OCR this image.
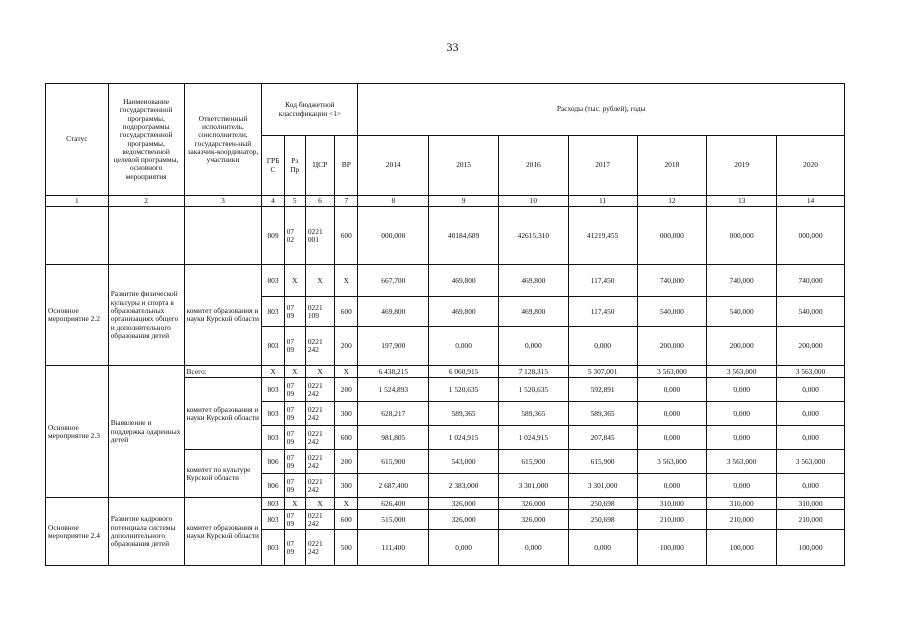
33
Статус	Наименование государственной программы, подпрограммы государственной программы, ведомственной целевой программы, основного мероприятия	Ответственный исполнитель, соисполнители, государствен-ный заказчик-координатор, участники	Код бюджетной классификации <1>				Расходы (тыс. рублей), годы						
			ГРБ С	Рз Пр	ЦСР	ВР	2014	2015	2016	2017	2018	2019	2020
1	2	3	4	5	6	7	8	9	10	11	12	13	14
			809	07 02	0221 001	600	000,000	40184,689	42615,310	41219,455	000,000	000,000	000,000
Основное мероприятие 2.2	Развитие физической культуры и спорта в образовательных организациях общего и дополнительного образования детей	комитет образования и науки Курской области	803	X	X	X	667,700	469,800	469,800	117,450	740,000	740,000	740,000
			803	07 09	0221 109	600	469,800	469,800	469,800	117,450	540,000	540,000	540,000
			803	07 09	0221 242	200	197,900	0,000	0,000	0,000	200,000	200,000	200,000
Основное мероприятие 2.3	Выявление и поддержка одаренных детей	Всего:	X	X	X	X	6 438,215	6 060,915	7 128,315	5 307,001	3 563,000	3 563,000	3 563,000
		комитет образования и науки Курской области	803	07 09	0221 242	200	1 524,893	1 520,635	1 520,635	592,891	0,000	0,000	0,000
			803	07 09	0221 242	300	628,217	589,365	589,365	589,365	0,000	0,000	0,000
			803	07 09	0221 242	600	981,805	1 024,915	1 024,915	207,845	0,000	0,000	0,000
		комитет по культуре Курской области	806	07 09	0221 242	200	615,900	543,000	615,900	615,900	3 563,000	3 563,000	3 563,000
			806	07 09	0221 242	300	2 687,400	2 383,000	3 301,000	3 301,000	0,000	0,000	0,000
Основное мероприятие 2.4	Развитие кадрового потенциала системы дополнительного образования детей	комитет образования и науки Курской области	803	X	X	X	626,400	326,000	326,000	250,698	310,000	310,000	310,000
			803	07 09	0221 242	600	515,000	326,000	326,000	250,698	210,000	210,000	210,000
			803	07 09	0221 242	500	111,400	0,000	0,000	0,000	100,000	100,000	100,000
